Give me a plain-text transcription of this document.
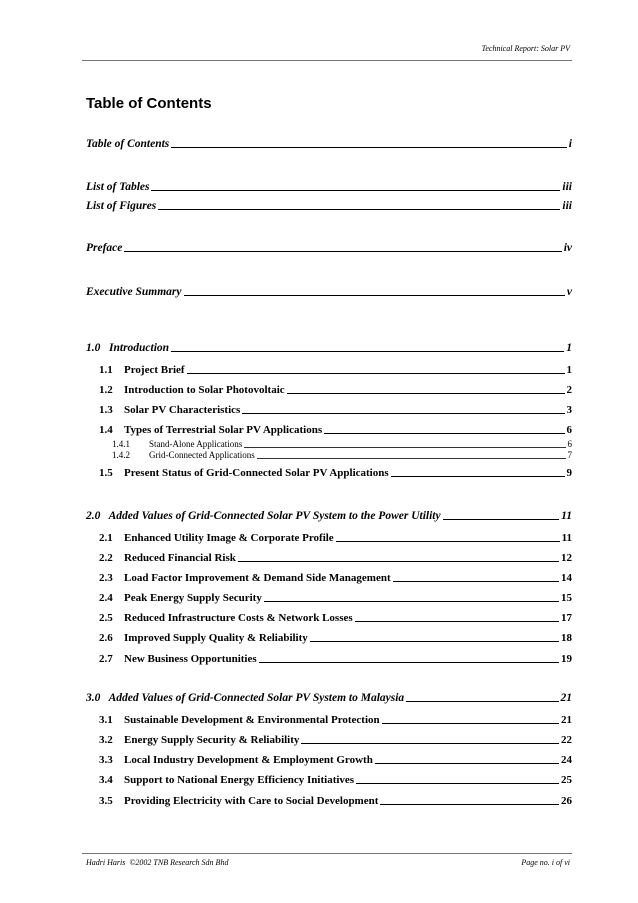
Technical Report: Solar PV
Table of Contents
Table of Contents	i
List of Tables	iii
List of Figures	iii
Preface	iv
Executive Summary	v
1.0   Introduction	1
1.1 Project Brief	1
1.2 Introduction to Solar Photovoltaic	2
1.3 Solar PV Characteristics	3
1.4 Types of Terrestrial Solar PV Applications	6
1.4.1 Stand-Alone Applications	6
1.4.2 Grid-Connected Applications	7
1.5 Present Status of Grid-Connected Solar PV Applications	9
2.0   Added Values of Grid-Connected Solar PV System to the Power Utility	11
2.1 Enhanced Utility Image & Corporate Profile	11
2.2 Reduced Financial Risk	12
2.3 Load Factor Improvement & Demand Side Management	14
2.4 Peak Energy Supply Security	15
2.5 Reduced Infrastructure Costs & Network Losses	17
2.6 Improved Supply Quality & Reliability	18
2.7 New Business Opportunities	19
3.0   Added Values of Grid-Connected Solar PV System to Malaysia	21
3.1 Sustainable Development & Environmental Protection	21
3.2 Energy Supply Security & Reliability	22
3.3 Local Industry Development & Employment Growth	24
3.4 Support to National Energy Efficiency Initiatives	25
3.5 Providing Electricity with Care to Social Development	26
Hadri Haris  ©2002 TNB Research Sdn Bhd	Page no. i of vi
